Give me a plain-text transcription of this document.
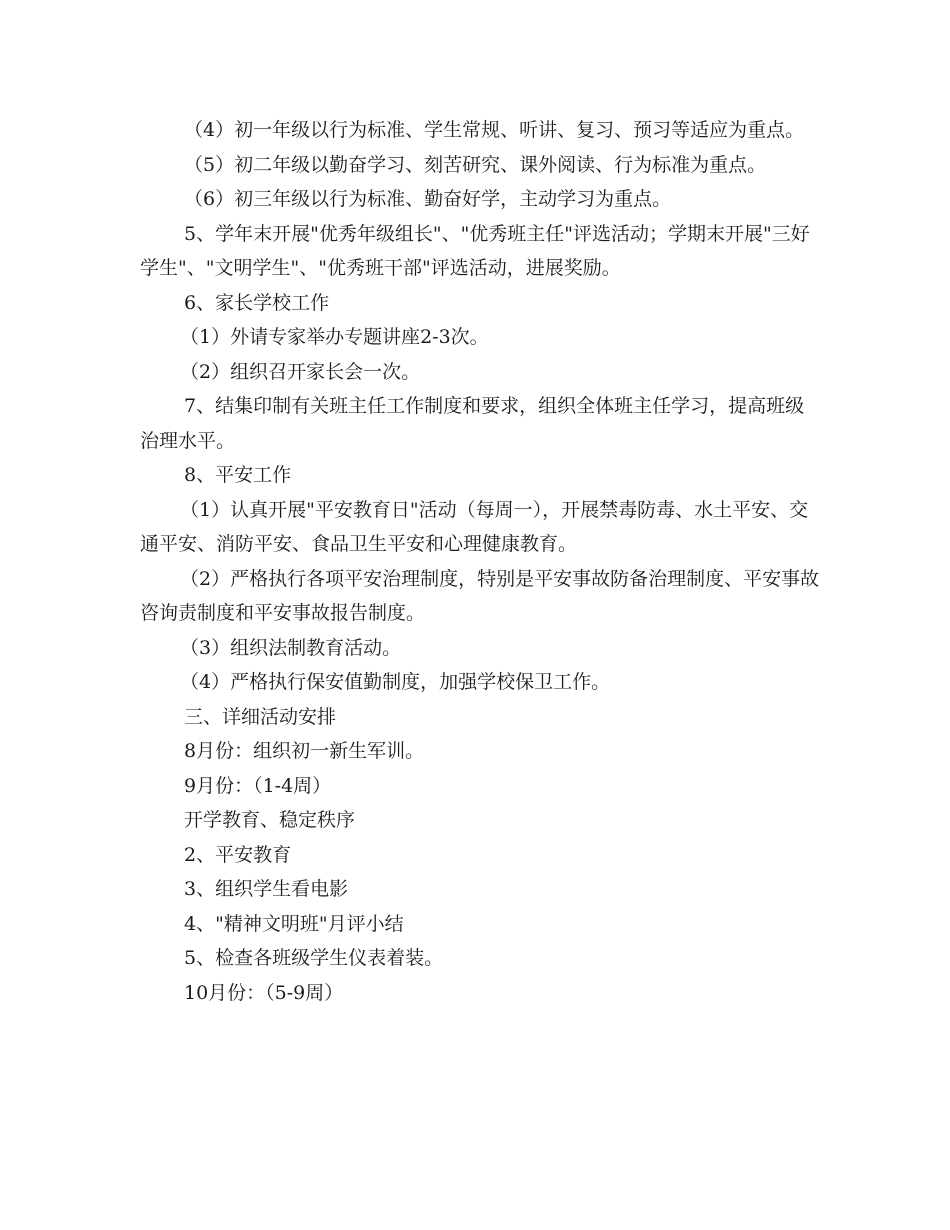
（4）初一年级以行为标准、学生常规、听讲、复习、预习等适应为重点。

（5）初二年级以勤奋学习、刻苦研究、课外阅读、行为标准为重点。

（6）初三年级以行为标准、勤奋好学，主动学习为重点。

5、学年末开展"优秀年级组长"、"优秀班主任"评选活动；学期末开展"三好学生"、"文明学生"、"优秀班干部"评选活动，进展奖励。

6、家长学校工作

（1）外请专家举办专题讲座2-3次。

（2）组织召开家长会一次。

7、结集印制有关班主任工作制度和要求，组织全体班主任学习，提高班级治理水平。

8、平安工作

（1）认真开展"平安教育日"活动（每周一），开展禁毒防毒、水土平安、交通平安、消防平安、食品卫生平安和心理健康教育。

（2）严格执行各项平安治理制度，特别是平安事故防备治理制度、平安事故咨询责制度和平安事故报告制度。

（3）组织法制教育活动。

（4）严格执行保安值勤制度，加强学校保卫工作。

三、详细活动安排

8月份：组织初一新生军训。

9月份：（1-4周）

开学教育、稳定秩序

2、平安教育

3、组织学生看电影

4、"精神文明班"月评小结

5、检查各班级学生仪表着装。

10月份：（5-9周）
